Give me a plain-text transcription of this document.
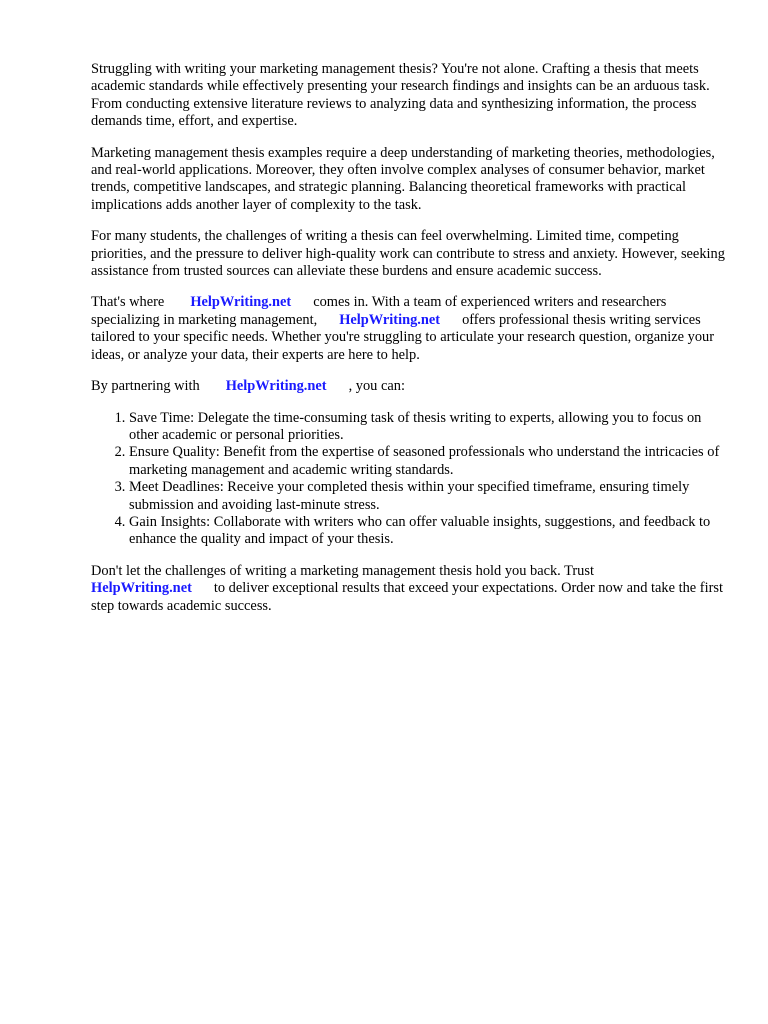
Struggling with writing your marketing management thesis? You're not alone. Crafting a thesis that meets academic standards while effectively presenting your research findings and insights can be an arduous task. From conducting extensive literature reviews to analyzing data and synthesizing information, the process demands time, effort, and expertise.

Marketing management thesis examples require a deep understanding of marketing theories, methodologies, and real-world applications. Moreover, they often involve complex analyses of consumer behavior, market trends, competitive landscapes, and strategic planning. Balancing theoretical frameworks with practical implications adds another layer of complexity to the task.

For many students, the challenges of writing a thesis can feel overwhelming. Limited time, competing priorities, and the pressure to deliver high-quality work can contribute to stress and anxiety. However, seeking assistance from trusted sources can alleviate these burdens and ensure academic success.

That's where HelpWriting.net comes in. With a team of experienced writers and researchers specializing in marketing management, HelpWriting.net offers professional thesis writing services tailored to your specific needs. Whether you're struggling to articulate your research question, organize your ideas, or analyze your data, their experts are here to help.

By partnering with HelpWriting.net , you can:

1. Save Time: Delegate the time-consuming task of thesis writing to experts, allowing you to focus on other academic or personal priorities.
2. Ensure Quality: Benefit from the expertise of seasoned professionals who understand the intricacies of marketing management and academic writing standards.
3. Meet Deadlines: Receive your completed thesis within your specified timeframe, ensuring timely submission and avoiding last-minute stress.
4. Gain Insights: Collaborate with writers who can offer valuable insights, suggestions, and feedback to enhance the quality and impact of your thesis.

Don't let the challenges of writing a marketing management thesis hold you back. Trust
HelpWriting.net to deliver exceptional results that exceed your expectations. Order now and take the first step towards academic success.
